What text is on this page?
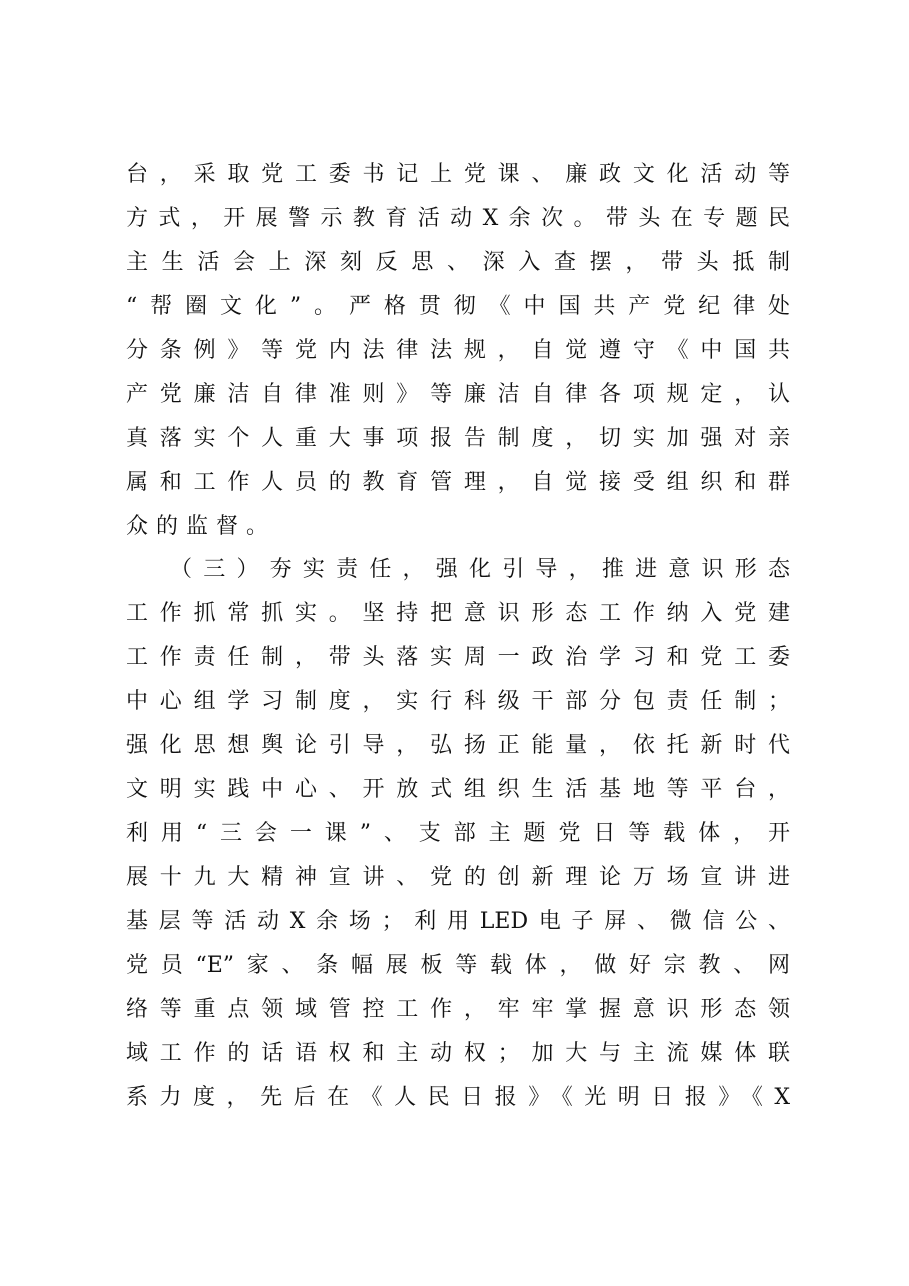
台，采取党工委书记上党课、廉政文化活动等
方式，开展警示教育活动X余次。带头在专题民
主生活会上深刻反思、深入查摆，带头抵制
“帮圈文化”。严格贯彻《中国共产党纪律处
分条例》等党内法律法规，自觉遵守《中国共
产党廉洁自律准则》等廉洁自律各项规定，认
真落实个人重大事项报告制度，切实加强对亲
属和工作人员的教育管理，自觉接受组织和群
众的监督。
（三）夯实责任，强化引导，推进意识形态
工作抓常抓实。坚持把意识形态工作纳入党建
工作责任制，带头落实周一政治学习和党工委
中心组学习制度，实行科级干部分包责任制；
强化思想舆论引导，弘扬正能量，依托新时代
文明实践中心、开放式组织生活基地等平台，
利用“三会一课”、支部主题党日等载体，开
展十九大精神宣讲、党的创新理论万场宣讲进
基层等活动X余场；利用LED电子屏、微信公、
党员“E”家、条幅展板等载体，做好宗教、网
络等重点领域管控工作，牢牢掌握意识形态领
域工作的话语权和主动权；加大与主流媒体联
系力度，先后在《人民日报》《光明日报》《X
